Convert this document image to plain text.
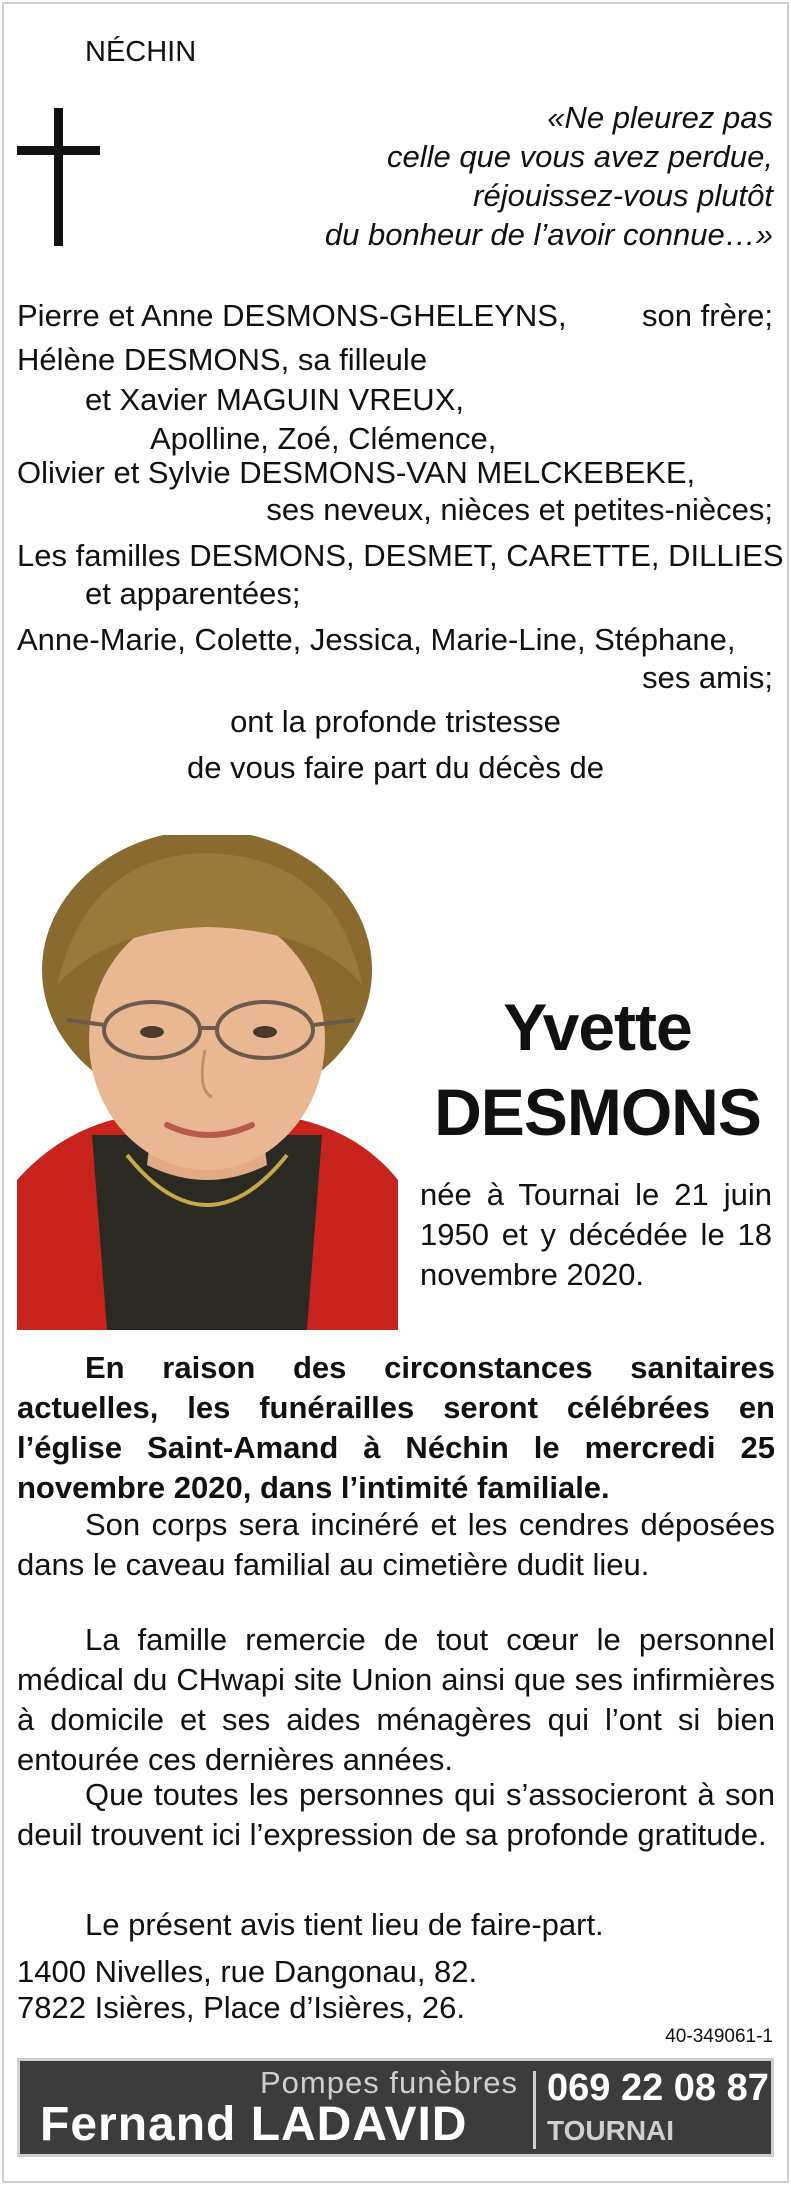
NÉCHIN
«Ne pleurez pas
celle que vous avez perdue,
réjouissez-vous plutôt
du bonheur de l’avoir connue…»
Pierre et Anne DESMONS-GHELEYNS, son frère;
Hélène DESMONS, sa filleule
et Xavier MAGUIN VREUX,
Apolline, Zoé, Clémence,
Olivier et Sylvie DESMONS-VAN MELCKEBEKE,
ses neveux, nièces et petites-nièces;
Les familles DESMONS, DESMET, CARETTE, DILLIES
et apparentées;
Anne-Marie, Colette, Jessica, Marie-Line, Stéphane,
ses amis;
ont la profonde tristesse
de vous faire part du décès de
Yvette
DESMONS
née à Tournai le 21 juin 1950 et y décédée le 18 novembre 2020.
En raison des circonstances sanitaires actuelles, les funérailles seront célébrées en l’église Saint-Amand à Néchin le mercredi 25 novembre 2020, dans l’intimité familiale.
Son corps sera incinéré et les cendres déposées dans le caveau familial au cimetière dudit lieu.
La famille remercie de tout cœur le personnel médical du CHwapi site Union ainsi que ses infirmières à domicile et ses aides ménagères qui l’ont si bien entourée ces dernières années.
Que toutes les personnes qui s’associeront à son deuil trouvent ici l’expression de sa profonde gratitude.
Le présent avis tient lieu de faire-part.
1400 Nivelles, rue Dangonau, 82.
7822 Isières, Place d’Isières, 26.
40-349061-1
Pompes funèbres
Fernand LADAVID
069 22 08 87
TOURNAI
